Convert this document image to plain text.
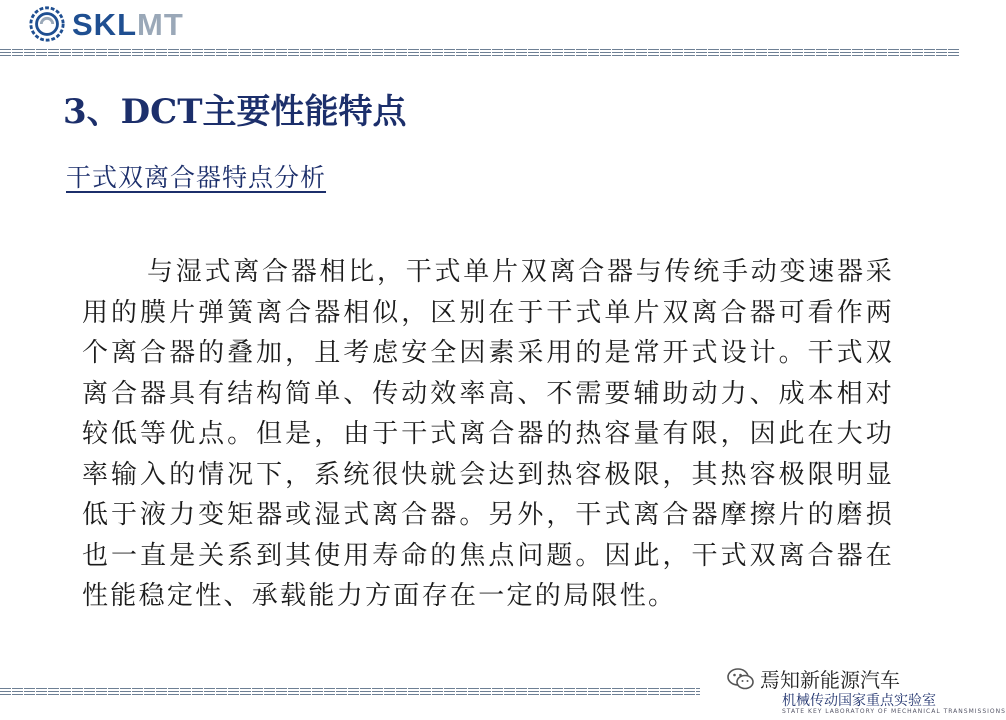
SKLMT
3、DCT主要性能特点
干式双离合器特点分析

与湿式离合器相比，干式单片双离合器与传统手动变速器采用的膜片弹簧离合器相似，区别在于干式单片双离合器可看作两个离合器的叠加，且考虑安全因素采用的是常开式设计。干式双离合器具有结构简单、传动效率高、不需要辅助动力、成本相对较低等优点。但是，由于干式离合器的热容量有限，因此在大功率输入的情况下，系统很快就会达到热容极限，其热容极限明显低于液力变矩器或湿式离合器。另外，干式离合器摩擦片的磨损也一直是关系到其使用寿命的焦点问题。因此，干式双离合器在性能稳定性、承载能力方面存在一定的局限性。

焉知新能源汽车
机械传动国家重点实验室
STATE KEY LABORATORY OF MECHANICAL TRANSMISSIONS
